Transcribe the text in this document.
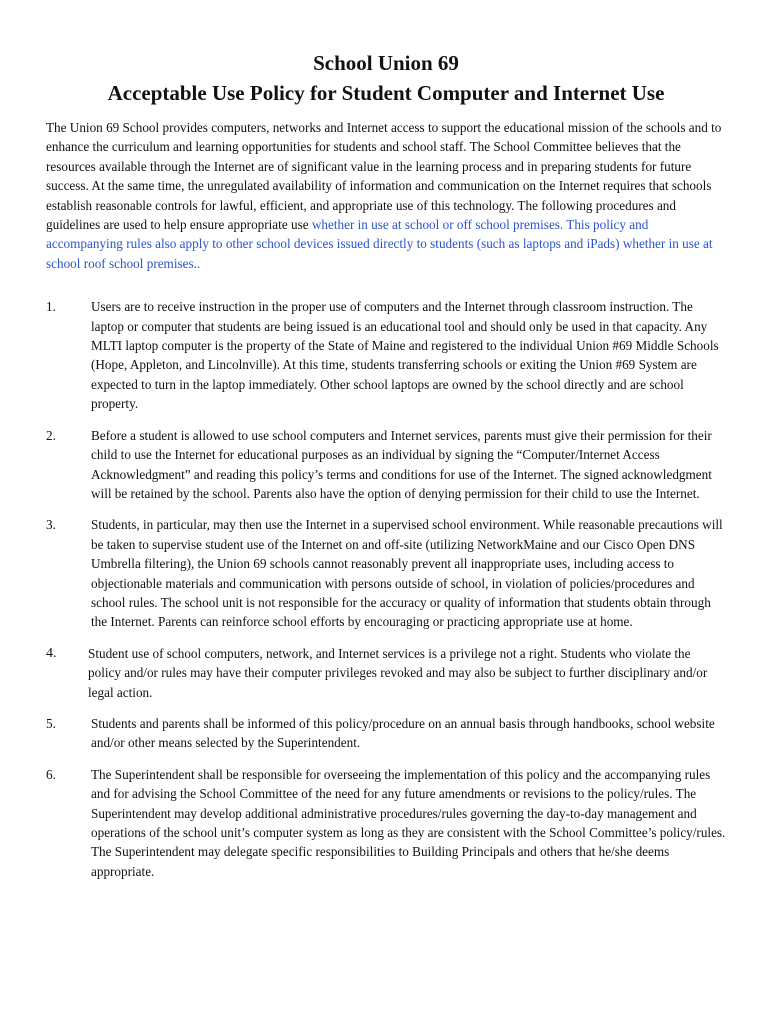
School Union 69
Acceptable Use Policy for Student Computer and Internet Use

The Union 69 School provides computers, networks and Internet access to support the educational mission of the schools and to enhance the curriculum and learning opportunities for students and school staff. The School Committee believes that the resources available through the Internet are of significant value in the learning process and in preparing students for future success. At the same time, the unregulated availability of information and communication on the Internet requires that schools establish reasonable controls for lawful, efficient, and appropriate use of this technology. The following procedures and guidelines are used to help ensure appropriate use whether in use at school or off school premises. This policy and accompanying rules also apply to other school devices issued directly to students (such as laptops and iPads) whether in use at school roof school premises..

1.	Users are to receive instruction in the proper use of computers and the Internet through classroom instruction. The laptop or computer that students are being issued is an educational tool and should only be used in that capacity. Any MLTI laptop computer is the property of the State of Maine and registered to the individual Union #69 Middle Schools (Hope, Appleton, and Lincolnville). At this time, students transferring schools or exiting the Union #69 System are expected to turn in the laptop immediately. Other school laptops are owned by the school directly and are school property.
2.	Before a student is allowed to use school computers and Internet services, parents must give their permission for their child to use the Internet for educational purposes as an individual by signing the “Computer/Internet Access Acknowledgment” and reading this policy’s terms and conditions for use of the Internet. The signed acknowledgment will be retained by the school. Parents also have the option of denying permission for their child to use the Internet.
3.	Students, in particular, may then use the Internet in a supervised school environment. While reasonable precautions will be taken to supervise student use of the Internet on and off-site (utilizing NetworkMaine and our Cisco Open DNS Umbrella filtering), the Union 69 schools cannot reasonably prevent all inappropriate uses, including access to objectionable materials and communication with persons outside of school, in violation of policies/procedures and school rules. The school unit is not responsible for the accuracy or quality of information that students obtain through the Internet. Parents can reinforce school efforts by encouraging or practicing appropriate use at home.
4. Student use of school computers, network, and Internet services is a privilege not a right. Students who violate the policy and/or rules may have their computer privileges revoked and may also be subject to further disciplinary and/or legal action.
5.	Students and parents shall be informed of this policy/procedure on an annual basis through handbooks, school website and/or other means selected by the Superintendent.
6.	The Superintendent shall be responsible for overseeing the implementation of this policy and the accompanying rules and for advising the School Committee of the need for any future amendments or revisions to the policy/rules. The Superintendent may develop additional administrative procedures/rules governing the day-to-day management and operations of the school unit’s computer system as long as they are consistent with the School Committee’s policy/rules. The Superintendent may delegate specific responsibilities to Building Principals and others that he/she deems appropriate.
